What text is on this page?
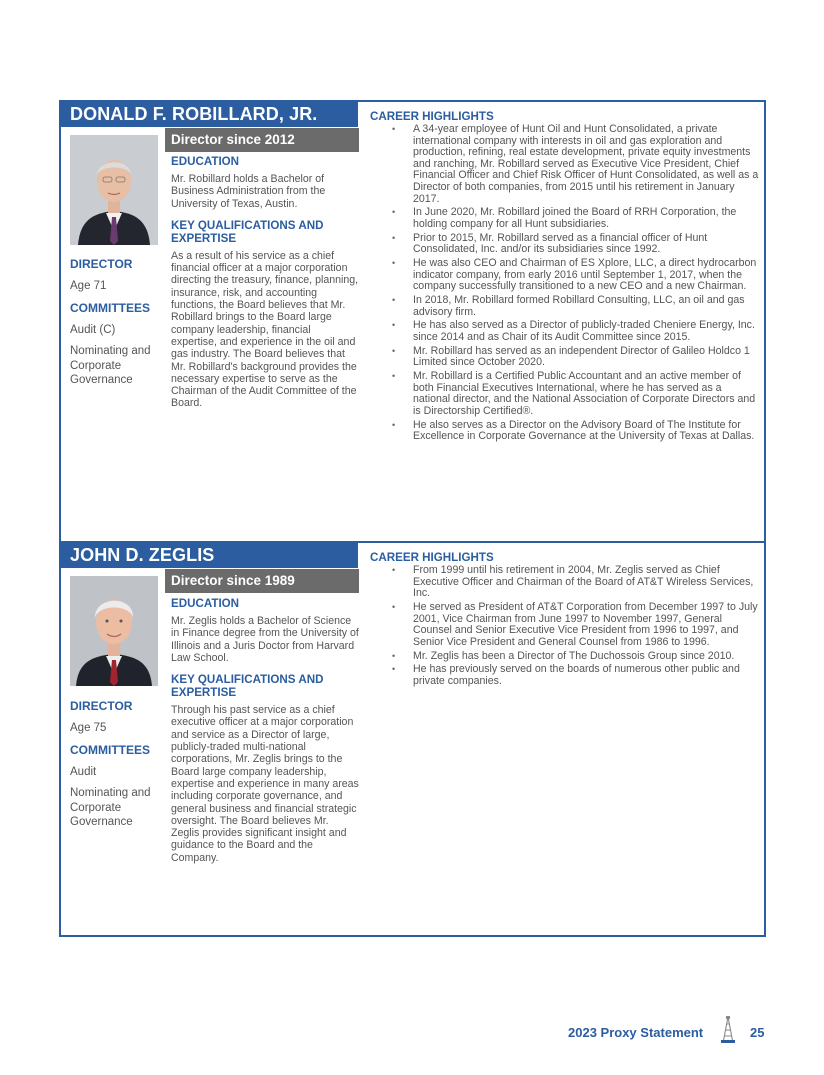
DONALD F. ROBILLARD, JR.
Director since 2012
DIRECTOR
Age 71
COMMITTEES
Audit (C)
Nominating and Corporate Governance
EDUCATION
Mr. Robillard holds a Bachelor of Business Administration from the University of Texas, Austin.
KEY QUALIFICATIONS AND EXPERTISE
As a result of his service as a chief financial officer at a major corporation directing the treasury, finance, planning, insurance, risk, and accounting functions, the Board believes that Mr. Robillard brings to the Board large company leadership, financial expertise, and experience in the oil and gas industry. The Board believes that Mr. Robillard's background provides the necessary expertise to serve as the Chairman of the Audit Committee of the Board.
CAREER HIGHLIGHTS
• A 34-year employee of Hunt Oil and Hunt Consolidated, a private international company with interests in oil and gas exploration and production, refining, real estate development, private equity investments and ranching, Mr. Robillard served as Executive Vice President, Chief Financial Officer and Chief Risk Officer of Hunt Consolidated, as well as a Director of both companies, from 2015 until his retirement in January 2017.
• In June 2020, Mr. Robillard joined the Board of RRH Corporation, the holding company for all Hunt subsidiaries.
• Prior to 2015, Mr. Robillard served as a financial officer of Hunt Consolidated, Inc. and/or its subsidiaries since 1992.
• He was also CEO and Chairman of ES Xplore, LLC, a direct hydrocarbon indicator company, from early 2016 until September 1, 2017, when the company successfully transitioned to a new CEO and a new Chairman.
• In 2018, Mr. Robillard formed Robillard Consulting, LLC, an oil and gas advisory firm.
• He has also served as a Director of publicly-traded Cheniere Energy, Inc. since 2014 and as Chair of its Audit Committee since 2015.
• Mr. Robillard has served as an independent Director of Galileo Holdco 1 Limited since October 2020.
• Mr. Robillard is a Certified Public Accountant and an active member of both Financial Executives International, where he has served as a national director, and the National Association of Corporate Directors and is Directorship Certified®.
• He also serves as a Director on the Advisory Board of The Institute for Excellence in Corporate Governance at the University of Texas at Dallas.
JOHN D. ZEGLIS
Director since 1989
DIRECTOR
Age 75
COMMITTEES
Audit
Nominating and Corporate Governance
EDUCATION
Mr. Zeglis holds a Bachelor of Science in Finance degree from the University of Illinois and a Juris Doctor from Harvard Law School.
KEY QUALIFICATIONS AND EXPERTISE
Through his past service as a chief executive officer at a major corporation and service as a Director of large, publicly-traded multi-national corporations, Mr. Zeglis brings to the Board large company leadership, expertise and experience in many areas including corporate governance, and general business and financial strategic oversight. The Board believes Mr. Zeglis provides significant insight and guidance to the Board and the Company.
CAREER HIGHLIGHTS
• From 1999 until his retirement in 2004, Mr. Zeglis served as Chief Executive Officer and Chairman of the Board of AT&T Wireless Services, Inc.
• He served as President of AT&T Corporation from December 1997 to July 2001, Vice Chairman from June 1997 to November 1997, General Counsel and Senior Executive Vice President from 1996 to 1997, and Senior Vice President and General Counsel from 1986 to 1996.
• Mr. Zeglis has been a Director of The Duchossois Group since 2010.
• He has previously served on the boards of numerous other public and private companies.
2023 Proxy Statement	25
